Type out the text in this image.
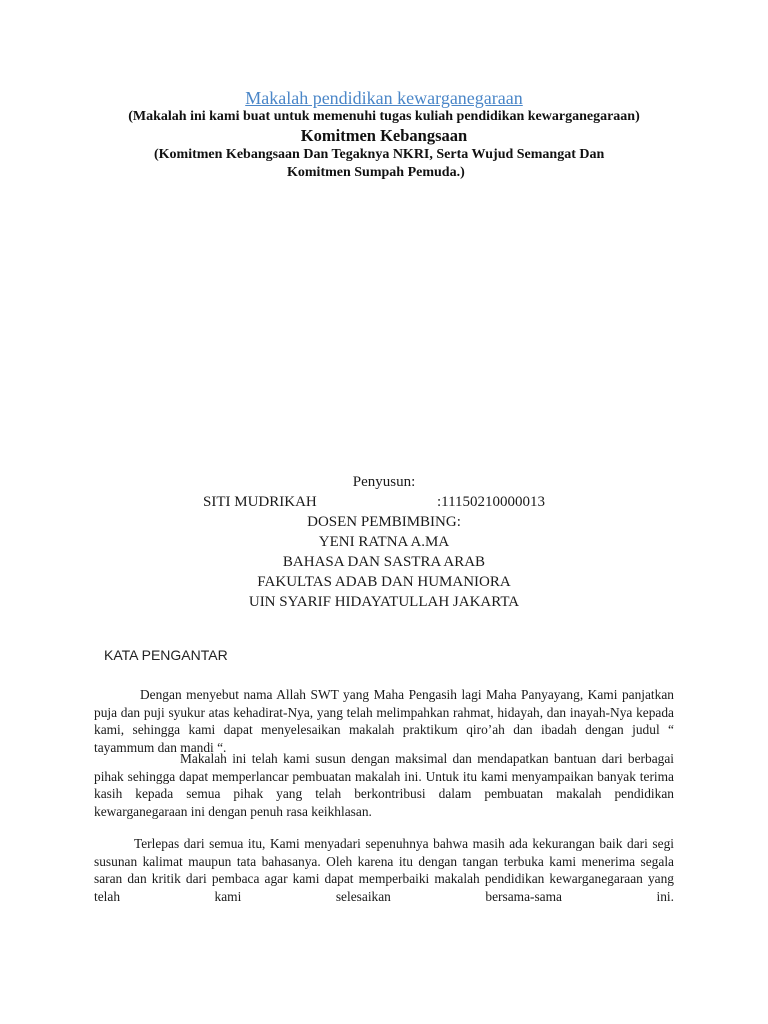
Makalah pendidikan kewarganegaraan
(Makalah ini kami buat untuk memenuhi tugas kuliah pendidikan kewarganegaraan)
Komitmen Kebangsaan
(Komitmen Kebangsaan Dan Tegaknya NKRI, Serta Wujud Semangat Dan
Komitmen Sumpah Pemuda.)
Penyusun:
SITI MUDRIKAH	:11150210000013
DOSEN PEMBIMBING:
YENI RATNA A.MA
BAHASA DAN SASTRA ARAB
FAKULTAS ADAB DAN HUMANIORA
UIN SYARIF HIDAYATULLAH JAKARTA
KATA PENGANTAR

Dengan menyebut nama Allah SWT yang Maha Pengasih lagi Maha Panyayang, Kami panjatkan puja dan puji syukur atas kehadirat-Nya, yang telah melimpahkan rahmat, hidayah, dan inayah-Nya kepada kami, sehingga kami dapat menyelesaikan makalah praktikum qiro’ah dan ibadah dengan judul “ tayammum dan mandi “.

Makalah ini telah kami susun dengan maksimal dan mendapatkan bantuan dari berbagai pihak sehingga dapat memperlancar pembuatan makalah ini. Untuk itu kami menyampaikan banyak terima kasih kepada semua pihak yang telah berkontribusi dalam pembuatan makalah pendidikan kewarganegaraan ini dengan penuh rasa keikhlasan.

Terlepas dari semua itu, Kami menyadari sepenuhnya bahwa masih ada kekurangan baik dari segi susunan kalimat maupun tata bahasanya. Oleh karena itu dengan tangan terbuka kami menerima segala saran dan kritik dari pembaca agar kami dapat memperbaiki makalah pendidikan kewarganegaraan yang telah kami selesaikan bersama-sama ini.
